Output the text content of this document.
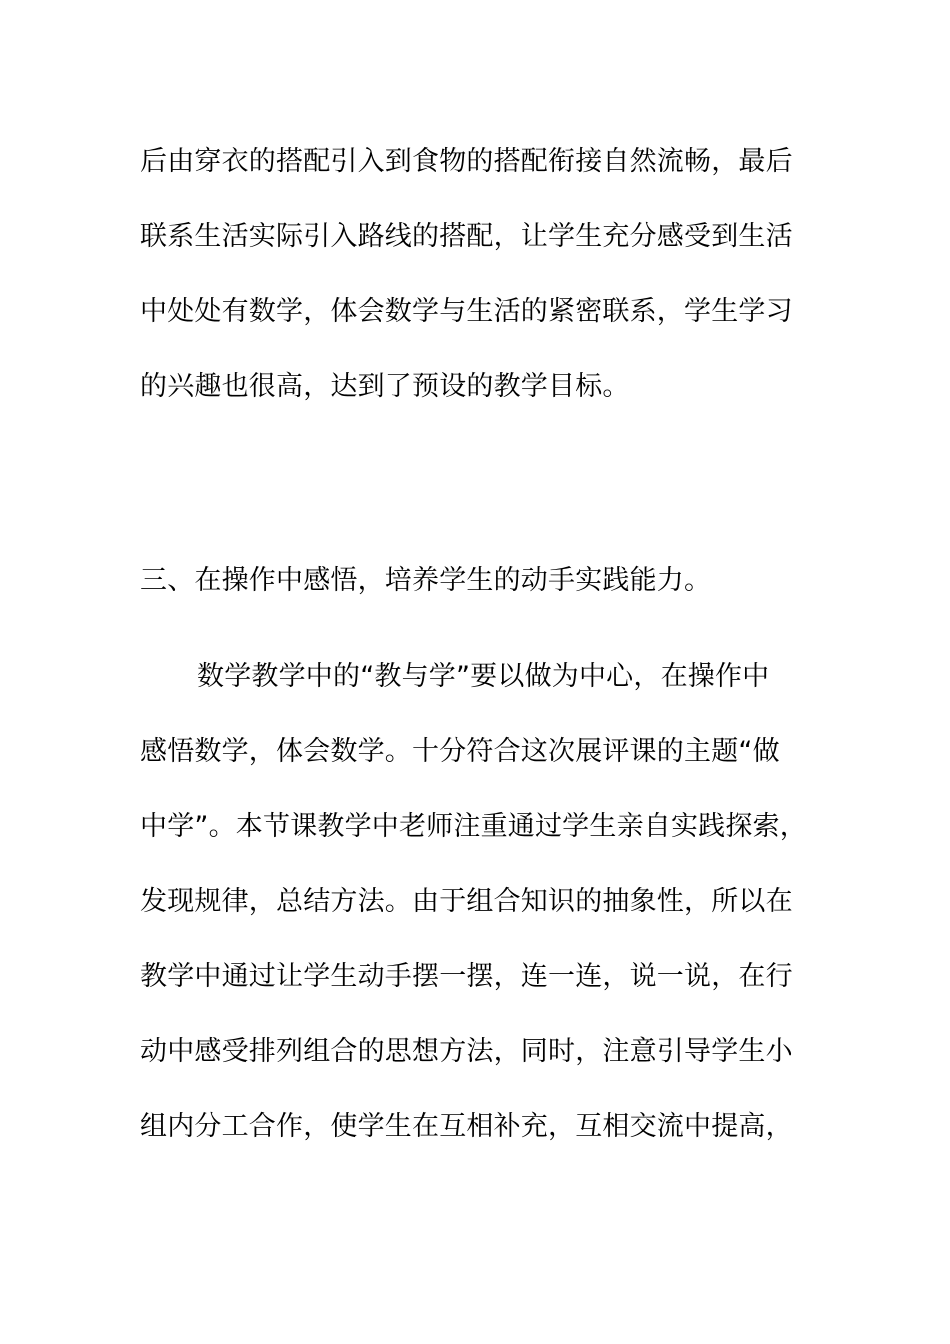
后由穿衣的搭配引入到食物的搭配衔接自然流畅，最后
联系生活实际引入路线的搭配，让学生充分感受到生活
中处处有数学，体会数学与生活的紧密联系，学生学习
的兴趣也很高，达到了预设的教学目标。
三、在操作中感悟，培养学生的动手实践能力。
数学教学中的“教与学”要以做为中心，在操作中
感悟数学，体会数学。十分符合这次展评课的主题“做
中学”。本节课教学中老师注重通过学生亲自实践探索，
发现规律，总结方法。由于组合知识的抽象性，所以在
教学中通过让学生动手摆一摆，连一连，说一说，在行
动中感受排列组合的思想方法，同时，注意引导学生小
组内分工合作，使学生在互相补充，互相交流中提高，
